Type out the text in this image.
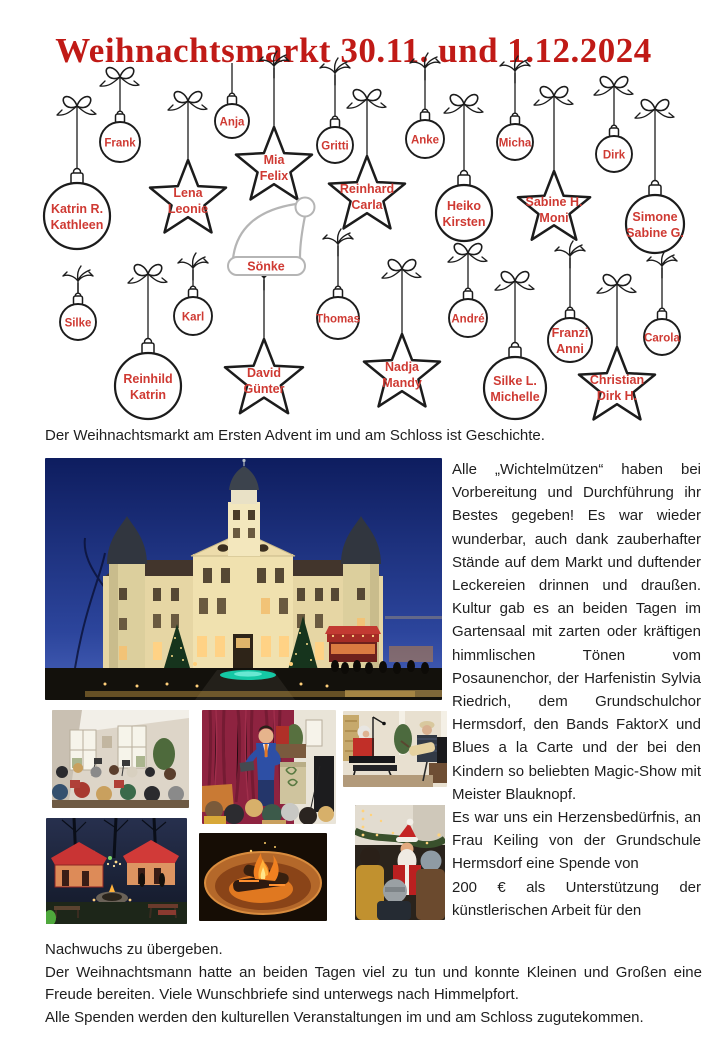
Weihnachtsmarkt 30.11. und 1.12.2024
Frank
Katrin R. Kathleen
Anja
Lena Leonie
Mia Felix
Gritti
Reinhard Carla
Anke
Heiko Kirsten
Micha
Sabine H. Moni
Dirk
Simone Sabine G.
Silke	Karl
Reinhild Katrin
David Günter
Thomas
Nadja Mandy
André
Silke L. Michelle
Franzi Anni
Christian Dirk H.
Carola
Sönke
Der Weihnachtsmarkt am Ersten Advent im und am Schloss ist Geschichte.

Alle „Wichtelmützen“ haben bei Vorbereitung und Durchführung ihr Bestes gegeben! Es war wieder wunderbar, auch dank zauberhafter Stände auf dem Markt und duftender Leckereien drinnen und draußen. Kultur gab es an beiden Tagen im Gartensaal mit zarten oder kräftigen himmlischen Tönen vom Posaunenchor, der Harfenistin Sylvia Riedrich, dem Grundschulchor Hermsdorf, den Bands FaktorX und Blues a la Carte und der bei den Kindern so beliebten Magic-Show mit Meister Blauknopf.

Es war uns ein Herzensbedürfnis, an Frau Keiling von der Grundschule Hermsdorf eine Spende von

200 € als Unterstützung der künstlerischen Arbeit für den

Nachwuchs zu übergeben.

Der Weihnachtsmann hatte an beiden Tagen viel zu tun und konnte Kleinen und Großen eine Freude bereiten. Viele Wunschbriefe sind unterwegs nach Himmelpfort.

Alle Spenden werden den kulturellen Veranstaltungen im und am Schloss zugutekommen.
